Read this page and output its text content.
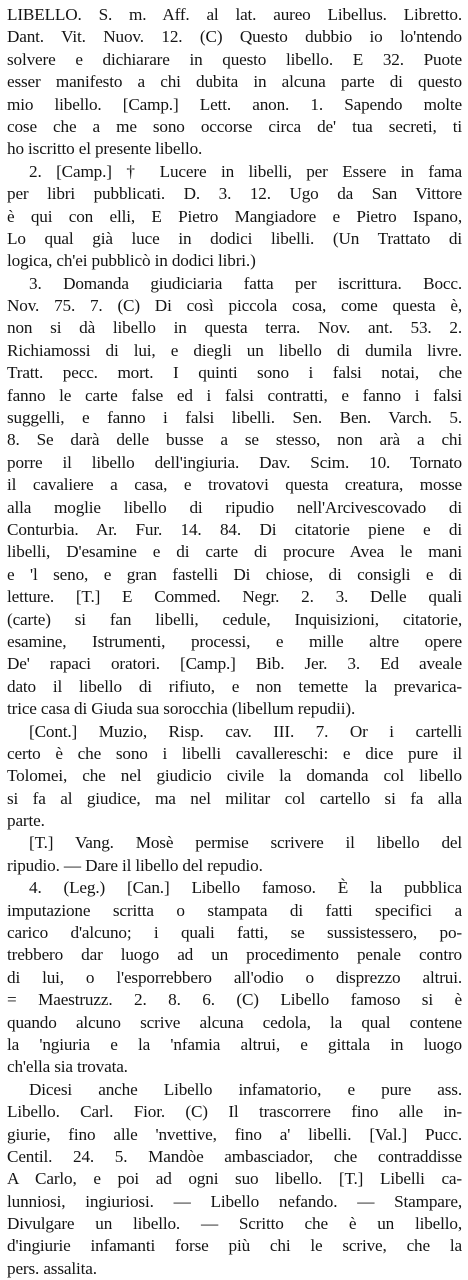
LIBELLO. S. m. Aff. al lat. aureo Libellus. Libretto.
Dant. Vit. Nuov. 12. (C) Questo dubbio io lo'ntendo
solvere e dichiarare in questo libello. E 32. Puote
esser manifesto a chi dubita in alcuna parte di questo
mio libello. [Camp.] Lett. anon. 1. Sapendo molte
cose che a me sono occorse circa de' tua secreti, ti
ho iscritto el presente libello.
2. [Camp.] † Lucere in libelli, per Essere in fama
per libri pubblicati. D. 3. 12. Ugo da San Vittore
è qui con elli, E Pietro Mangiadore e Pietro Ispano,
Lo qual già luce in dodici libelli. (Un Trattato di
logica, ch'ei pubblicò in dodici libri.)
3. Domanda giudiciaria fatta per iscrittura. Bocc.
Nov. 75. 7. (C) Di così piccola cosa, come questa è,
non si dà libello in questa terra. Nov. ant. 53. 2.
Richiamossi di lui, e diegli un libello di dumila livre.
Tratt. pecc. mort. I quinti sono i falsi notai, che
fanno le carte false ed i falsi contratti, e fanno i falsi
suggelli, e fanno i falsi libelli. Sen. Ben. Varch. 5.
8. Se darà delle busse a se stesso, non arà a chi
porre il libello dell'ingiuria. Dav. Scim. 10. Tornato
il cavaliere a casa, e trovatovi questa creatura, mosse
alla moglie libello di ripudio nell'Arcivescovado di
Conturbia. Ar. Fur. 14. 84. Di citatorie piene e di
libelli, D'esamine e di carte di procure Avea le mani
e 'l seno, e gran fastelli Di chiose, di consigli e di
letture. [T.] E Commed. Negr. 2. 3. Delle quali
(carte) si fan libelli, cedule, Inquisizioni, citatorie,
esamine, Istrumenti, processi, e mille altre opere
De' rapaci oratori. [Camp.] Bib. Jer. 3. Ed aveale
dato il libello di rifiuto, e non temette la prevarica-
trice casa di Giuda sua sorocchia (libellum repudii).
[Cont.] Muzio, Risp. cav. III. 7. Or i cartelli
certo è che sono i libelli cavallereschi: e dice pure il
Tolomei, che nel giudicio civile la domanda col libello
si fa al giudice, ma nel militar col cartello si fa alla
parte.
[T.] Vang. Mosè permise scrivere il libello del
ripudio. — Dare il libello del repudio.
4. (Leg.) [Can.] Libello famoso. È la pubblica
imputazione scritta o stampata di fatti specifici a
carico d'alcuno; i quali fatti, se sussistessero, po-
trebbero dar luogo ad un procedimento penale contro
di lui, o l'esporrebbero all'odio o disprezzo altrui.
= Maestruzz. 2. 8. 6. (C) Libello famoso si è
quando alcuno scrive alcuna cedola, la qual contene
la 'ngiuria e la 'nfamia altrui, e gittala in luogo
ch'ella sia trovata.
Dicesi anche Libello infamatorio, e pure ass.
Libello. Carl. Fior. (C) Il trascorrere fino alle in-
giurie, fino alle 'nvettive, fino a' libelli. [Val.] Pucc.
Centil. 24. 5. Mandòe ambasciador, che contraddisse
A Carlo, e poi ad ogni suo libello. [T.] Libelli ca-
lunniosi, ingiuriosi. — Libello nefando. — Stampare,
Divulgare un libello. — Scritto che è un libello,
d'ingiurie infamanti forse più chi le scrive, che la
pers. assalita.
